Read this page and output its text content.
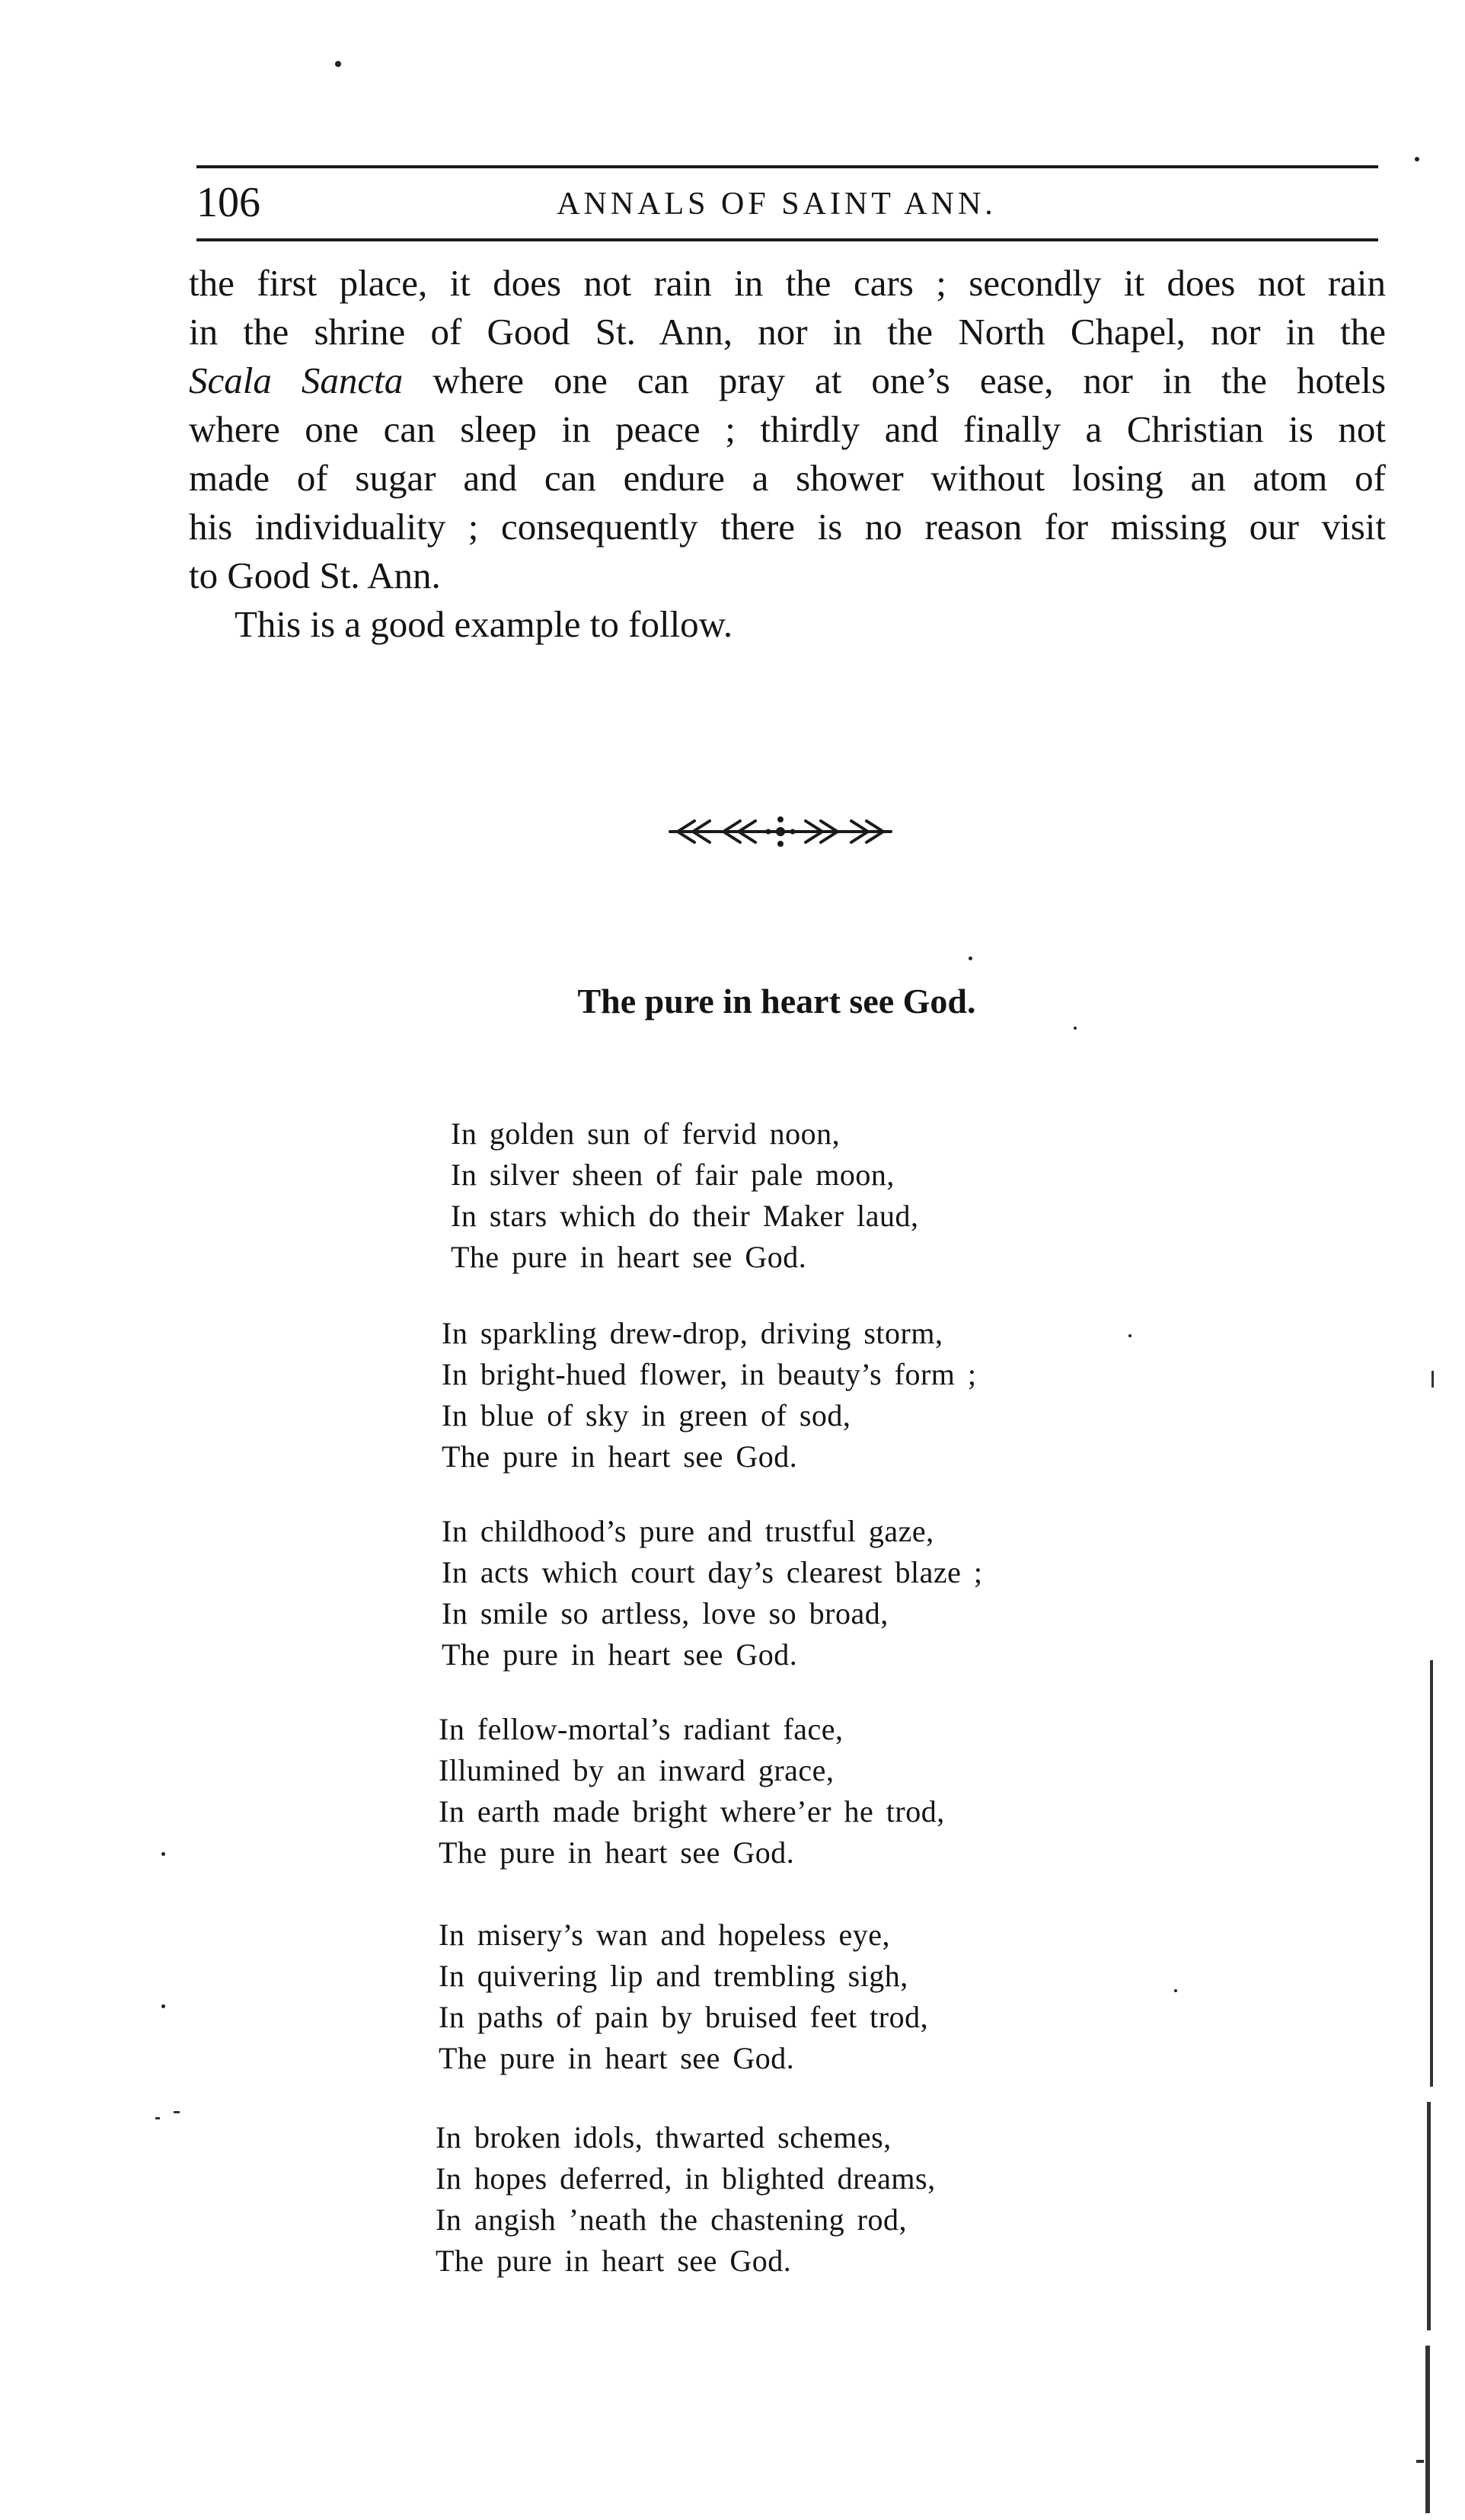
106	ANNALS OF SAINT ANN.
the first place, it does not rain in the cars ; secondly it does not rain
in the shrine of Good St. Ann, nor in the North Chapel, nor in the
Scala Sancta where one can pray at one’s ease, nor in the hotels
where one can sleep in peace ; thirdly and finally a Christian is not
made of sugar and can endure a shower without losing an atom of
his individuality ; consequently there is no reason for missing our visit
to Good St. Ann.
This is a good example to follow.
The pure in heart see God.
In golden sun of fervid noon,
In silver sheen of fair pale moon,
In stars which do their Maker laud,
The pure in heart see God.
In sparkling drew-drop, driving storm,
In bright-hued flower, in beauty’s form ;
In blue of sky in green of sod,
The pure in heart see God.
In childhood’s pure and trustful gaze,
In acts which court day’s clearest blaze ;
In smile so artless, love so broad,
The pure in heart see God.
In fellow-mortal’s radiant face,
Illumined by an inward grace,
In earth made bright where’er he trod,
The pure in heart see God.
In misery’s wan and hopeless eye,
In quivering lip and trembling sigh,
In paths of pain by bruised feet trod,
The pure in heart see God.
In broken idols, thwarted schemes,
In hopes deferred, in blighted dreams,
In angish ’neath the chastening rod,
The pure in heart see God.
